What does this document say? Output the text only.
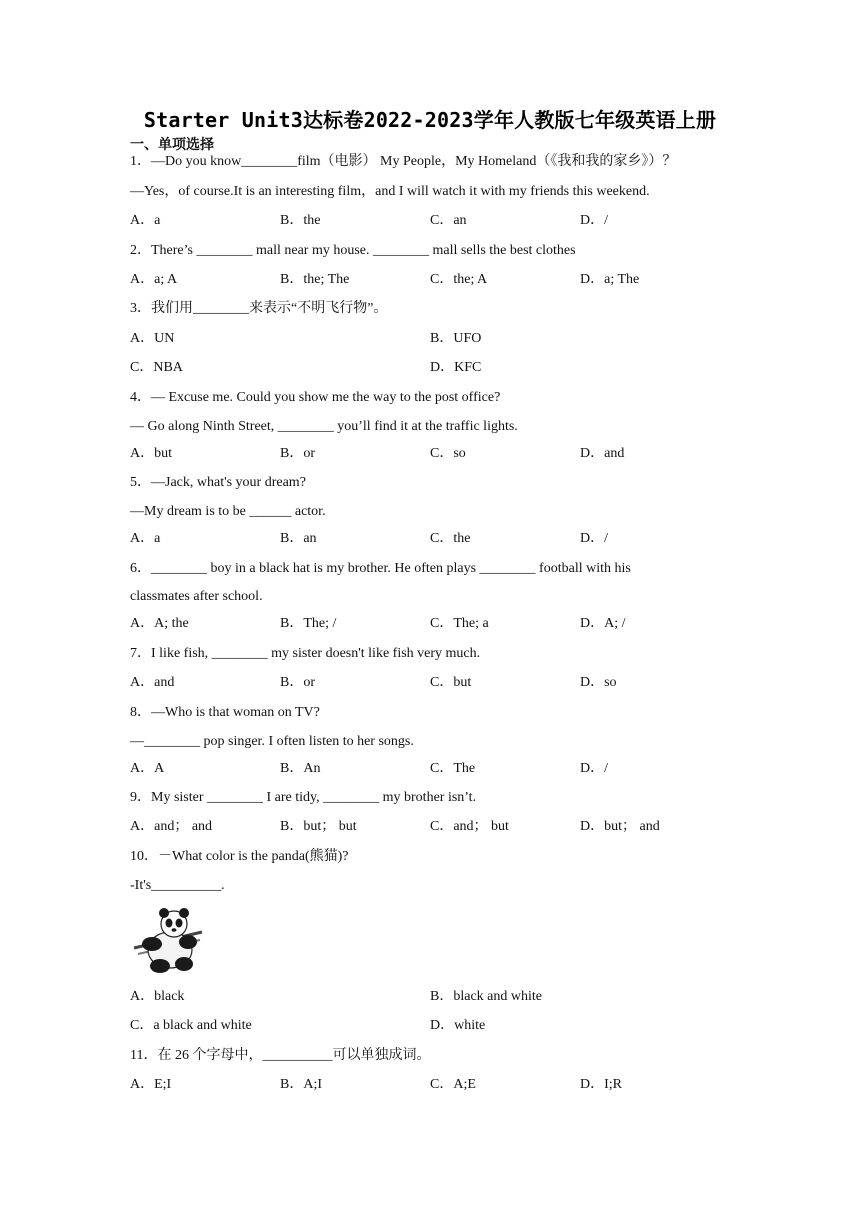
Starter Unit3达标卷2022-2023学年人教版七年级英语上册
一、单项选择
1．—Do you know________film（电影） My People，My Homeland（《我和我的家乡》）？
—Yes，of course.It is an interesting film，and I will watch it with my friends this weekend.
A．a	B．the	C．an	D．/
2．There’s ________ mall near my house. ________ mall sells the best clothes
A．a; A	B．the; The	C．the; A	D．a; The
3．我们用________来表示“不明飞行物”。
A．UN	B．UFO
C．NBA	D．KFC
4．— Excuse me. Could you show me the way to the post office?
— Go along Ninth Street, ________ you’ll find it at the traffic lights.
A．but	B．or	C．so	D．and
5．—Jack, what's your dream?
—My dream is to be ______ actor.
A．a	B．an	C．the	D．/
6．________ boy in a black hat is my brother. He often plays ________ football with his
classmates after school.
A．A; the	B．The; /	C．The; a	D．A; /
7．I like fish, ________ my sister doesn't like fish very much.
A．and	B．or	C．but	D．so
8．—Who is that woman on TV?
—________ pop singer. I often listen to her songs.
A．A	B．An	C．The	D．/
9．My sister ________ I are tidy, ________ my brother isn’t.
A．and； and	B．but； but	C．and； but	D．but； and
10．－What color is the panda(熊猫)?
-It's__________.
A．black	B．black and white
C．a black and white	D．white
11．在 26 个字母中，__________可以单独成词。
A．E;I	B．A;I	C．A;E	D．I;R
